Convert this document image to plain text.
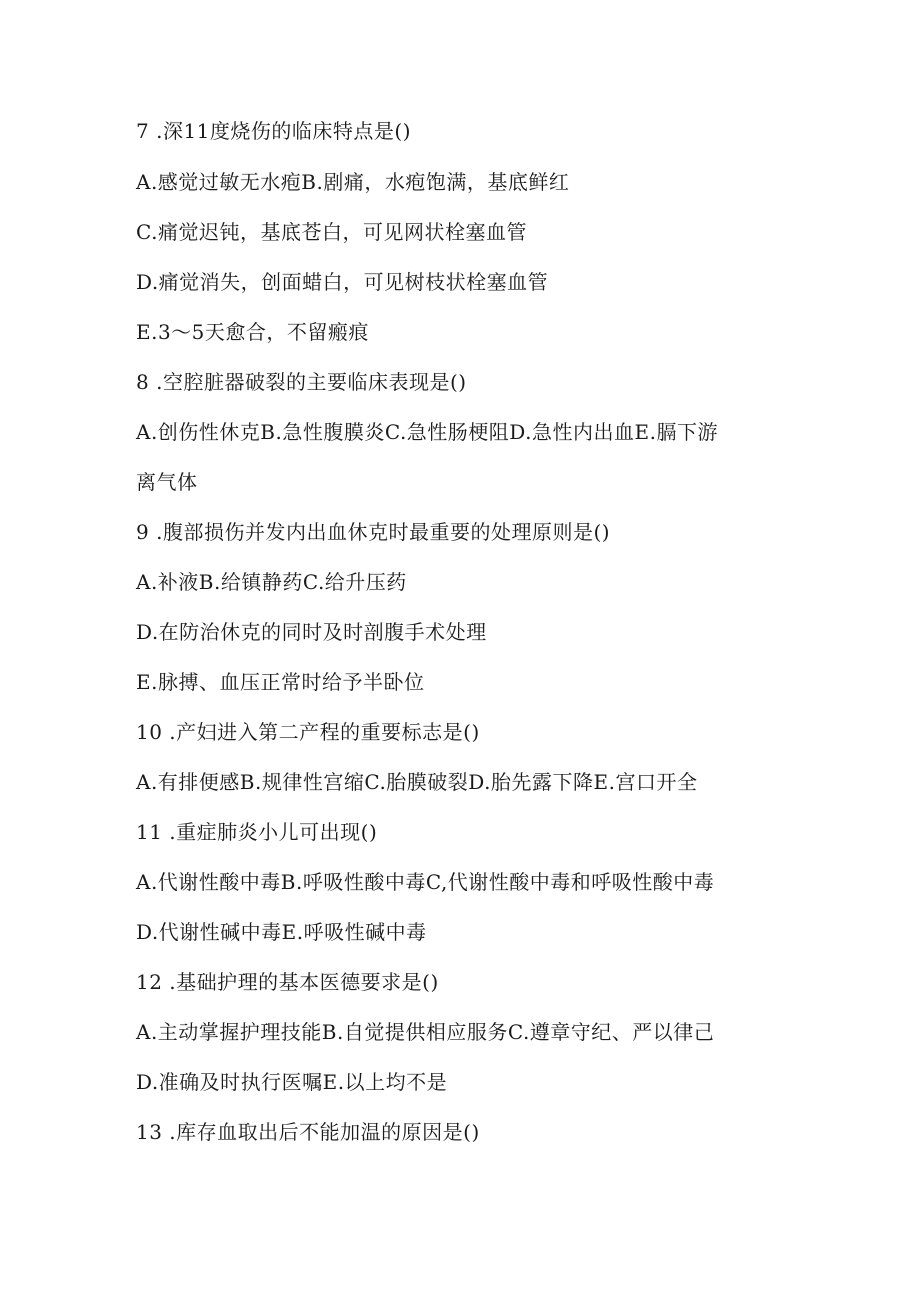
7 .深11度烧伤的临床特点是()
A.感觉过敏无水疱B.剧痛，水疱饱满，基底鲜红
C.痛觉迟钝，基底苍白，可见网状栓塞血管
D.痛觉消失，创面蜡白，可见树枝状栓塞血管
E.3～5天愈合，不留瘢痕
8 .空腔脏器破裂的主要临床表现是()
A.创伤性休克B.急性腹膜炎C.急性肠梗阻D.急性内出血E.膈下游
离气体
9 .腹部损伤并发内出血休克时最重要的处理原则是()
A.补液B.给镇静药C.给升压药
D.在防治休克的同时及时剖腹手术处理
E.脉搏、血压正常时给予半卧位
10 .产妇进入第二产程的重要标志是()
A.有排便感B.规律性宫缩C.胎膜破裂D.胎先露下降E.宫口开全
11 .重症肺炎小儿可出现()
A.代谢性酸中毒B.呼吸性酸中毒C,代谢性酸中毒和呼吸性酸中毒
D.代谢性碱中毒E.呼吸性碱中毒
12 .基础护理的基本医德要求是()
A.主动掌握护理技能B.自觉提供相应服务C.遵章守纪、严以律己
D.准确及时执行医嘱E.以上均不是
13 .库存血取出后不能加温的原因是()
